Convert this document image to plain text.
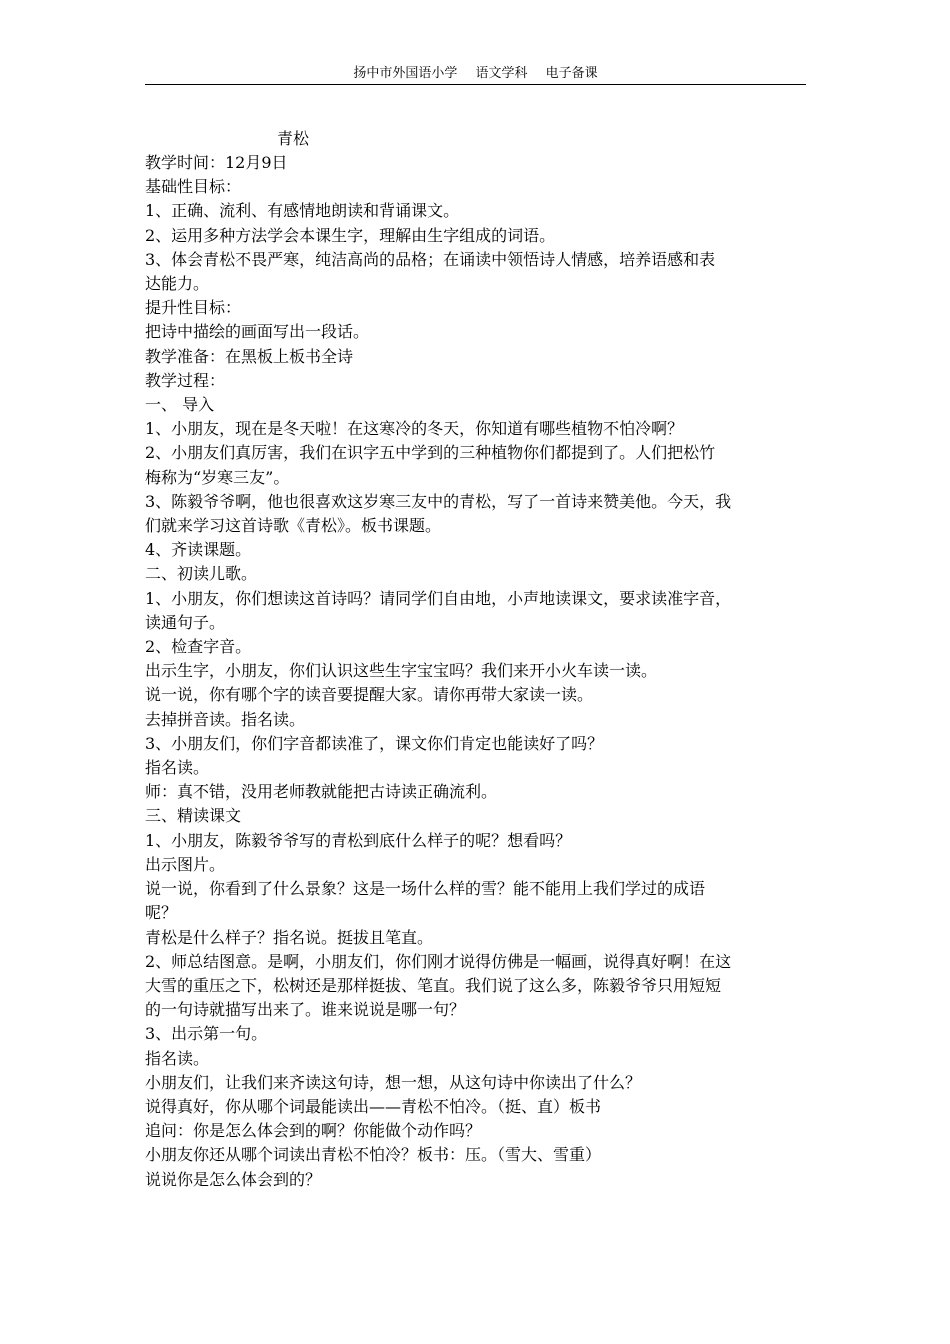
扬中市外国语小学 语文学科 电子备课
青松
教学时间：12月9日
基础性目标：
1、正确、流利、有感情地朗读和背诵课文。
2、运用多种方法学会本课生字，理解由生字组成的词语。
3、体会青松不畏严寒，纯洁高尚的品格；在诵读中领悟诗人情感，培养语感和表
达能力。
提升性目标：
把诗中描绘的画面写出一段话。
教学准备：在黑板上板书全诗
教学过程：
一、 导入
1、小朋友，现在是冬天啦！在这寒冷的冬天，你知道有哪些植物不怕冷啊？
2、小朋友们真厉害，我们在识字五中学到的三种植物你们都提到了。人们把松竹
梅称为“岁寒三友”。
3、陈毅爷爷啊，他也很喜欢这岁寒三友中的青松，写了一首诗来赞美他。今天，我
们就来学习这首诗歌《青松》。板书课题。
4、齐读课题。
二、初读儿歌。
1、小朋友，你们想读这首诗吗？请同学们自由地，小声地读课文，要求读准字音，
读通句子。
2、检查字音。
出示生字，小朋友，你们认识这些生字宝宝吗？我们来开小火车读一读。
说一说，你有哪个字的读音要提醒大家。请你再带大家读一读。
去掉拼音读。指名读。
3、小朋友们，你们字音都读准了，课文你们肯定也能读好了吗？
指名读。
师：真不错，没用老师教就能把古诗读正确流利。
三、精读课文
1、小朋友，陈毅爷爷写的青松到底什么样子的呢？想看吗？
出示图片。
说一说，你看到了什么景象？这是一场什么样的雪？能不能用上我们学过的成语
呢？
青松是什么样子？指名说。挺拔且笔直。
2、师总结图意。是啊，小朋友们，你们刚才说得仿佛是一幅画，说得真好啊！在这
大雪的重压之下，松树还是那样挺拔、笔直。我们说了这么多，陈毅爷爷只用短短
的一句诗就描写出来了。谁来说说是哪一句？
3、出示第一句。
指名读。
小朋友们，让我们来齐读这句诗，想一想，从这句诗中你读出了什么？
说得真好，你从哪个词最能读出——青松不怕冷。（挺、直）板书
追问：你是怎么体会到的啊？你能做个动作吗？
小朋友你还从哪个词读出青松不怕冷？板书：压。（雪大、雪重）
说说你是怎么体会到的？
